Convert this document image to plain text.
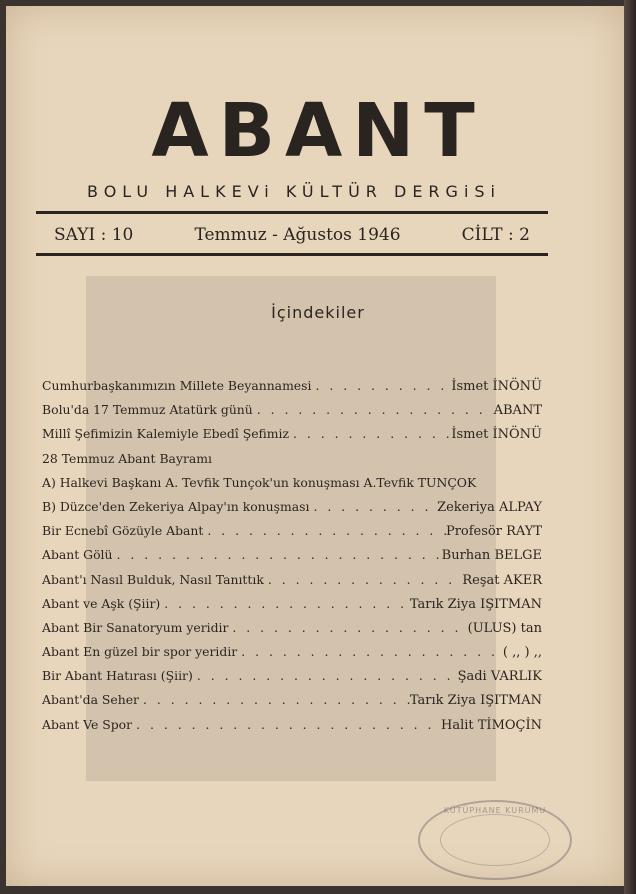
ABANT
BOLU HALKEVi KÜLTÜR DERGiSi
SAYI : 10	Temmuz - Ağustos 1946	CİLT : 2
İçindekiler
Cumhurbaşkanımızın Millete Beyannamesi . . .	İsmet İNÖNÜ
Bolu'da 17 Temmuz Atatürk günü . . .	ABANT
Millî Şefimizin Kalemiyle Ebedî Şefimiz . . .	İsmet İNÖNÜ
28 Temmuz Abant Bayramı
A) Halkevi Başkanı A. Tevfik Tunçok'un konuşması A.Tevfik TUNÇOK
B) Düzce'den Zekeriya Alpay'ın konuşması . . .	Zekeriya ALPAY
Bir Ecnebî Gözüyle Abant . . .	Profesör RAYT
Abant Gölü . . .	Burhan BELGE
Abant'ı Nasıl Bulduk, Nasıl Tanıttık . . .	Reşat AKER
Abant ve Aşk (Şiir) . . .	Tarık Ziya IŞITMAN
Abant Bir Sanatoryum yeridir . . .	(ULUS) tan
Abant En güzel bir spor yeridir . . .	( ,, ) ,,
Bir Abant Hatırası (Şiir) . . .	Şadi VARLIK
Abant'da Seher . . .	Tarık Ziya IŞITMAN
Abant Ve Spor . . .	Halit TİMOÇİN
KÜTÜPHANE KURUMU
